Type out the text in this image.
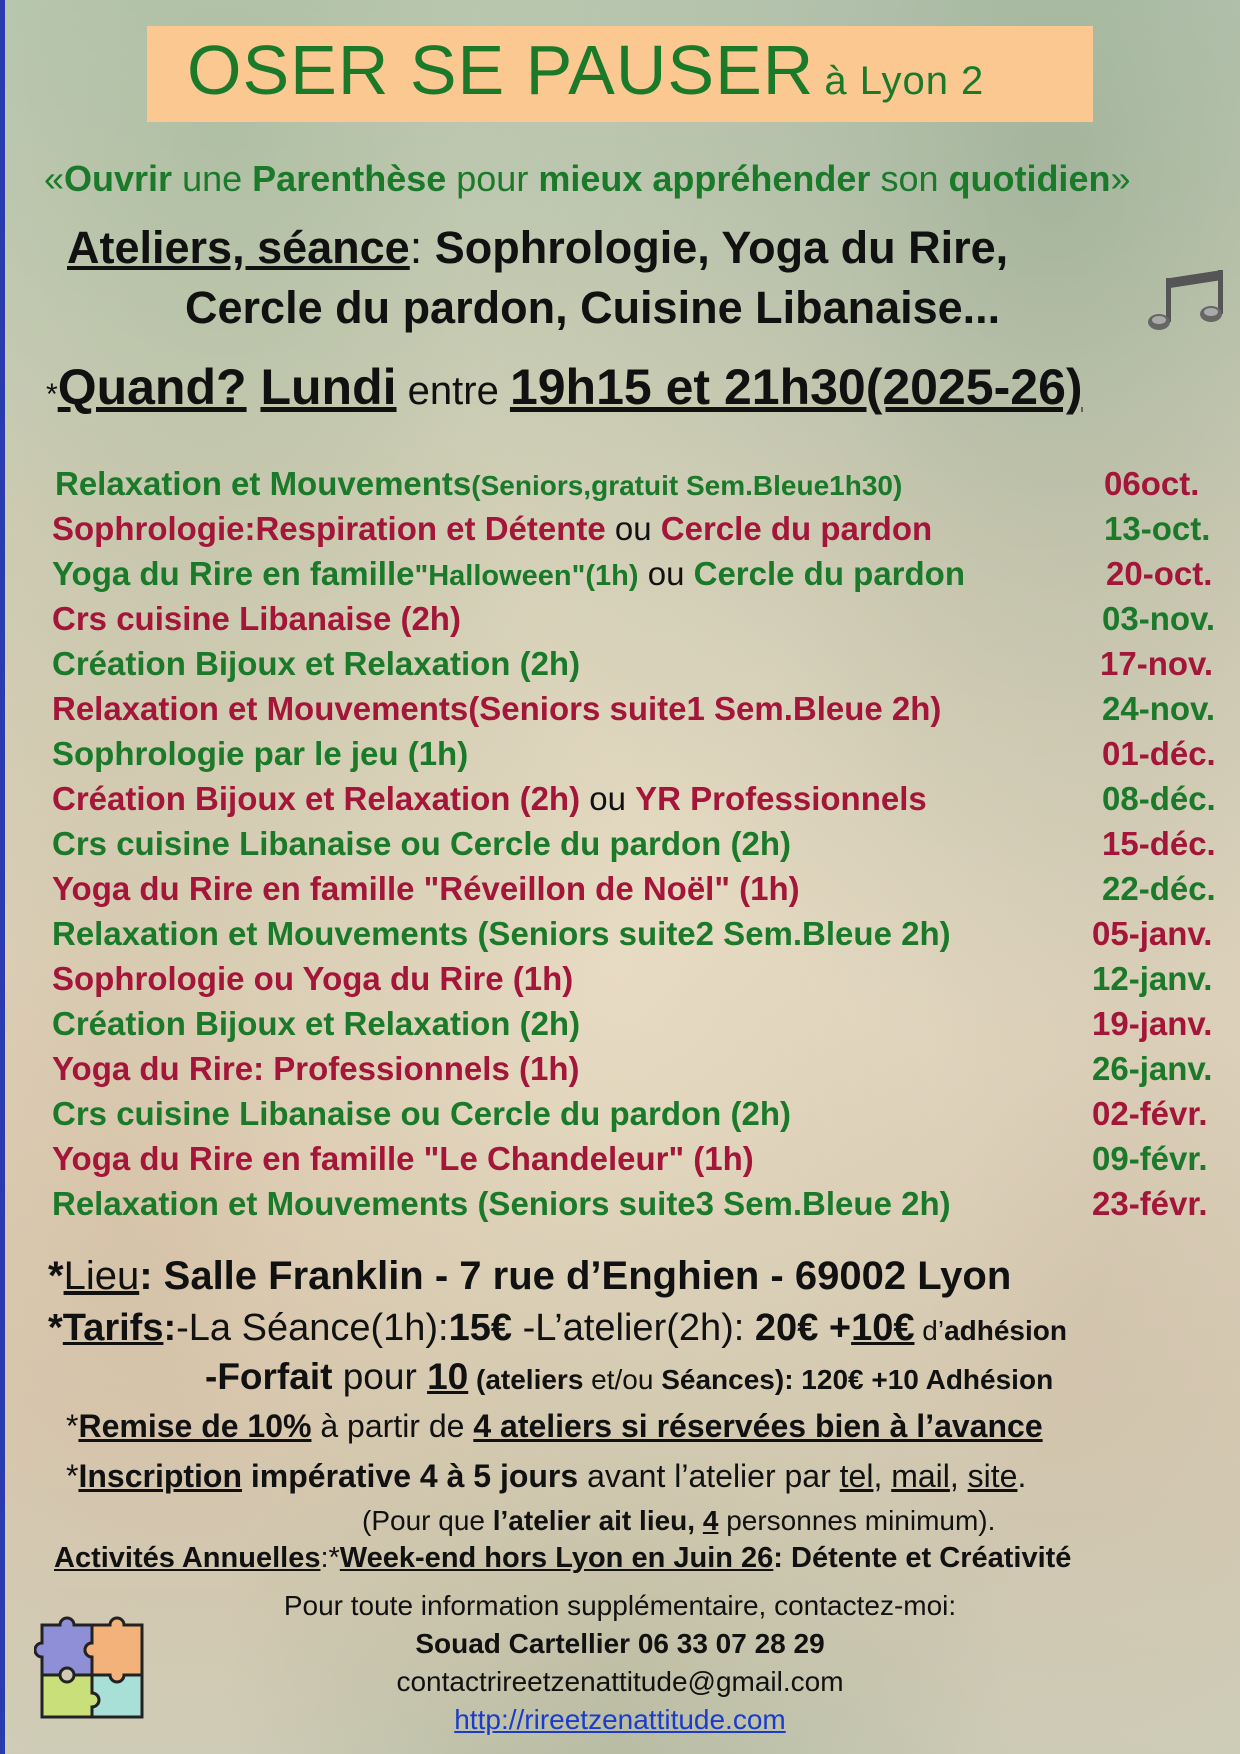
OSER SE PAUSER à Lyon 2
«Ouvrir une Parenthèse pour mieux appréhender son quotidien»
Ateliers, séance: Sophrologie, Yoga du Rire,
Cercle du pardon, Cuisine Libanaise...
*Quand? Lundi entre 19h15 et 21h30(2025-26)
Relaxation et Mouvements(Seniors,gratuit Sem.Bleue1h30)	06oct.
Sophrologie:Respiration et Détente ou Cercle du pardon	13-oct.
Yoga du Rire en famille"Halloween"(1h) ou Cercle du pardon	20-oct.
Crs cuisine Libanaise (2h)	03-nov.
Création Bijoux et Relaxation (2h)	17-nov.
Relaxation et Mouvements(Seniors suite1 Sem.Bleue 2h)	24-nov.
Sophrologie par le jeu (1h)	01-déc.
Création Bijoux et Relaxation (2h) ou YR Professionnels	08-déc.
Crs cuisine Libanaise ou Cercle du pardon (2h)	15-déc.
Yoga du Rire en famille "Réveillon de Noël" (1h)	22-déc.
Relaxation et Mouvements (Seniors suite2 Sem.Bleue 2h)	05-janv.
Sophrologie ou Yoga du Rire (1h)	12-janv.
Création Bijoux et Relaxation (2h)	19-janv.
Yoga du Rire: Professionnels (1h)	26-janv.
Crs cuisine Libanaise ou Cercle du pardon (2h)	02-févr.
Yoga du Rire en famille "Le Chandeleur" (1h)	09-févr.
Relaxation et Mouvements (Seniors suite3 Sem.Bleue 2h)	23-févr.
*Lieu: Salle Franklin - 7 rue d’Enghien - 69002 Lyon
*Tarifs:-La Séance(1h):15€ -L’atelier(2h): 20€ +10€ d’adhésion
-Forfait pour 10 (ateliers et/ou Séances): 120€ +10 Adhésion
*Remise de 10% à partir de 4 ateliers si réservées bien à l’avance
*Inscription impérative 4 à 5 jours avant l’atelier par tel, mail, site.
(Pour que l’atelier ait lieu, 4 personnes minimum).
Activités Annuelles:*Week-end hors Lyon en Juin 26: Détente et Créativité
Pour toute information supplémentaire, contactez-moi:
Souad Cartellier 06 33 07 28 29
contactrireetzenattitude@gmail.com
http://rireetzenattitude.com
